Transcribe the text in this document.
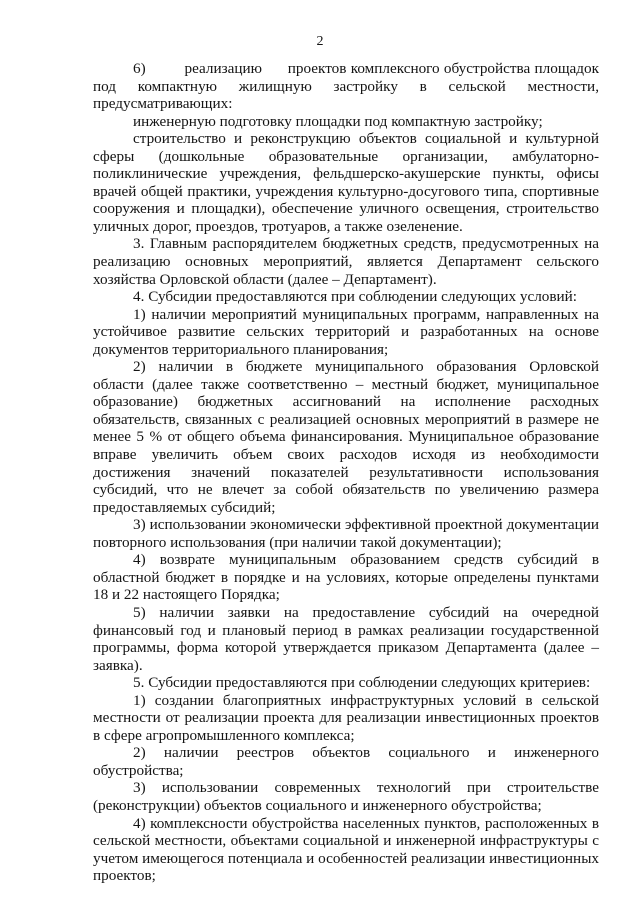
2

6)         реализацию      проектов комплексного обустройства площадок под компактную жилищную застройку в сельской местности, предусматривающих:

инженерную подготовку площадки под компактную застройку;

строительство и реконструкцию объектов социальной и культурной сферы (дошкольные образовательные организации, амбулаторно-поликлинические учреждения, фельдшерско-акушерские пункты, офисы врачей общей практики, учреждения культурно-досугового типа, спортивные сооружения и площадки), обеспечение уличного освещения, строительство уличных дорог, проездов, тротуаров, а также озеленение.

3. Главным распорядителем бюджетных средств, предусмотренных на реализацию основных мероприятий, является Департамент сельского хозяйства Орловской области (далее – Департамент).

4. Субсидии предоставляются при соблюдении следующих условий:

1) наличии мероприятий муниципальных программ, направленных на устойчивое развитие сельских территорий и разработанных на основе документов территориального планирования;

2) наличии в бюджете муниципального образования Орловской области (далее также соответственно – местный бюджет, муниципальное образование) бюджетных ассигнований на исполнение расходных обязательств, связанных с реализацией основных мероприятий в размере не менее 5 % от общего объема финансирования. Муниципальное образование вправе увеличить объем своих расходов исходя из необходимости достижения значений показателей результативности использования субсидий, что не влечет за собой обязательств по увеличению размера предоставляемых субсидий;

3) использовании экономически эффективной проектной документации повторного использования (при наличии такой документации);

4) возврате муниципальным образованием средств субсидий в областной бюджет в порядке и на условиях, которые определены пунктами 18 и 22 настоящего Порядка;

5) наличии заявки на предоставление субсидий на очередной финансовый год и плановый период в рамках реализации государственной программы, форма которой утверждается приказом Департамента (далее – заявка).

5. Субсидии предоставляются при соблюдении следующих критериев:

1) создании благоприятных инфраструктурных условий в сельской местности от реализации проекта для реализации инвестиционных проектов в сфере агропромышленного комплекса;

2) наличии реестров объектов социального и инженерного обустройства;

3) использовании современных технологий при строительстве (реконструкции) объектов социального и инженерного обустройства;

4) комплексности обустройства населенных пунктов, расположенных в сельской местности, объектами социальной и инженерной инфраструктуры с учетом имеющегося потенциала и особенностей реализации инвестиционных проектов;
